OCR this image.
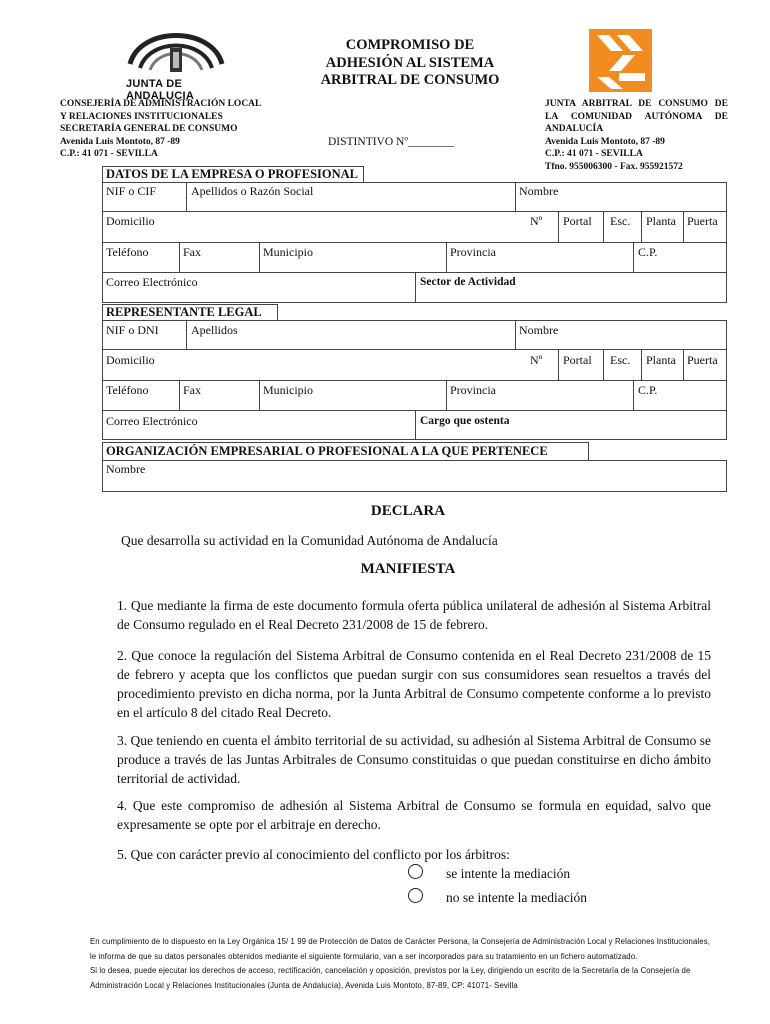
JUNTA DE ANDALUCIA
COMPROMISO DE
ADHESIÓN AL SISTEMA
ARBITRAL DE CONSUMO
CONSEJERÍA DE ADMINISTRACIÓN LOCAL
Y RELACIONES INSTITUCIONALES
SECRETARÍA GENERAL DE CONSUMO
Avenida Luis Montoto, 87 -89
C.P.: 41 071 - SEVILLA
DISTINTIVO Nº________
JUNTA ARBITRAL DE CONSUMO DE
LA COMUNIDAD AUTÓNOMA DE
ANDALUCÍA
Avenida Luis Montoto, 87 -89
C.P.: 41 071 - SEVILLA
Tfno. 955006300 - Fax. 955921572
DATOS DE LA EMPRESA O PROFESIONAL
NIF o CIF	Apellidos o Razón Social	Nombre
Domicilio	Nº Portal Esc. Planta Puerta
Teléfono	Fax	Municipio	Provincia	C.P.
Correo Electrónico	Sector de Actividad
REPRESENTANTE LEGAL
NIF o DNI	Apellidos	Nombre
Domicilio	Nº Portal Esc. Planta Puerta
Teléfono	Fax	Municipio	Provincia	C.P.
Correo Electrónico	Cargo que ostenta
ORGANIZACIÓN EMPRESARIAL O PROFESIONAL A LA QUE PERTENECE
Nombre
DECLARA
Que desarrolla su actividad en la Comunidad Autónoma de Andalucía
MANIFIESTA
1. Que mediante la firma de este documento formula oferta pública unilateral de adhesión al Sistema Arbitral de Consumo regulado en el Real Decreto 231/2008 de 15 de febrero.
2. Que conoce la regulación del Sistema Arbitral de Consumo contenida en el Real Decreto 231/2008 de 15 de febrero y acepta que los conflictos que puedan surgir con sus consumidores sean resueltos a través del procedimiento previsto en dicha norma, por la Junta Arbitral de Consumo competente conforme a lo previsto en el artículo 8 del citado Real Decreto.
3. Que teniendo en cuenta el ámbito territorial de su actividad, su adhesión al Sistema Arbitral de Consumo se produce a través de las Juntas Arbitrales de Consumo constituidas o que puedan constituirse en dicho ámbito territorial de actividad.
4. Que este compromiso de adhesión al Sistema Arbitral de Consumo se formula en equidad, salvo que expresamente se opte por el arbitraje en derecho.
5. Que con carácter previo al conocimiento del conflicto por los árbitros:
se intente la mediación
no se intente la mediación
En cumplimiento de lo dispuesto en la Ley Orgánica 15/ 1 99 de Protección de Datos de Carácter Persona, la Consejería de Administración Local y Relaciones Institucionales,
le informa de que su datos personales obtenidos mediante el siguiente formulario, van a ser incorporados para su tratamiento en un fichero automatizado.
Si lo desea, puede ejecutar los derechos de acceso, rectificación, cancelación y oposición, previstos por la Ley, dirigiendo un escrito de la Secretaría de la Consejería de
Administración Local y Relaciones Institucionales (Junta de Andalucía), Avenida Luis Montoto, 87-89, CP: 41071- Sevilla
